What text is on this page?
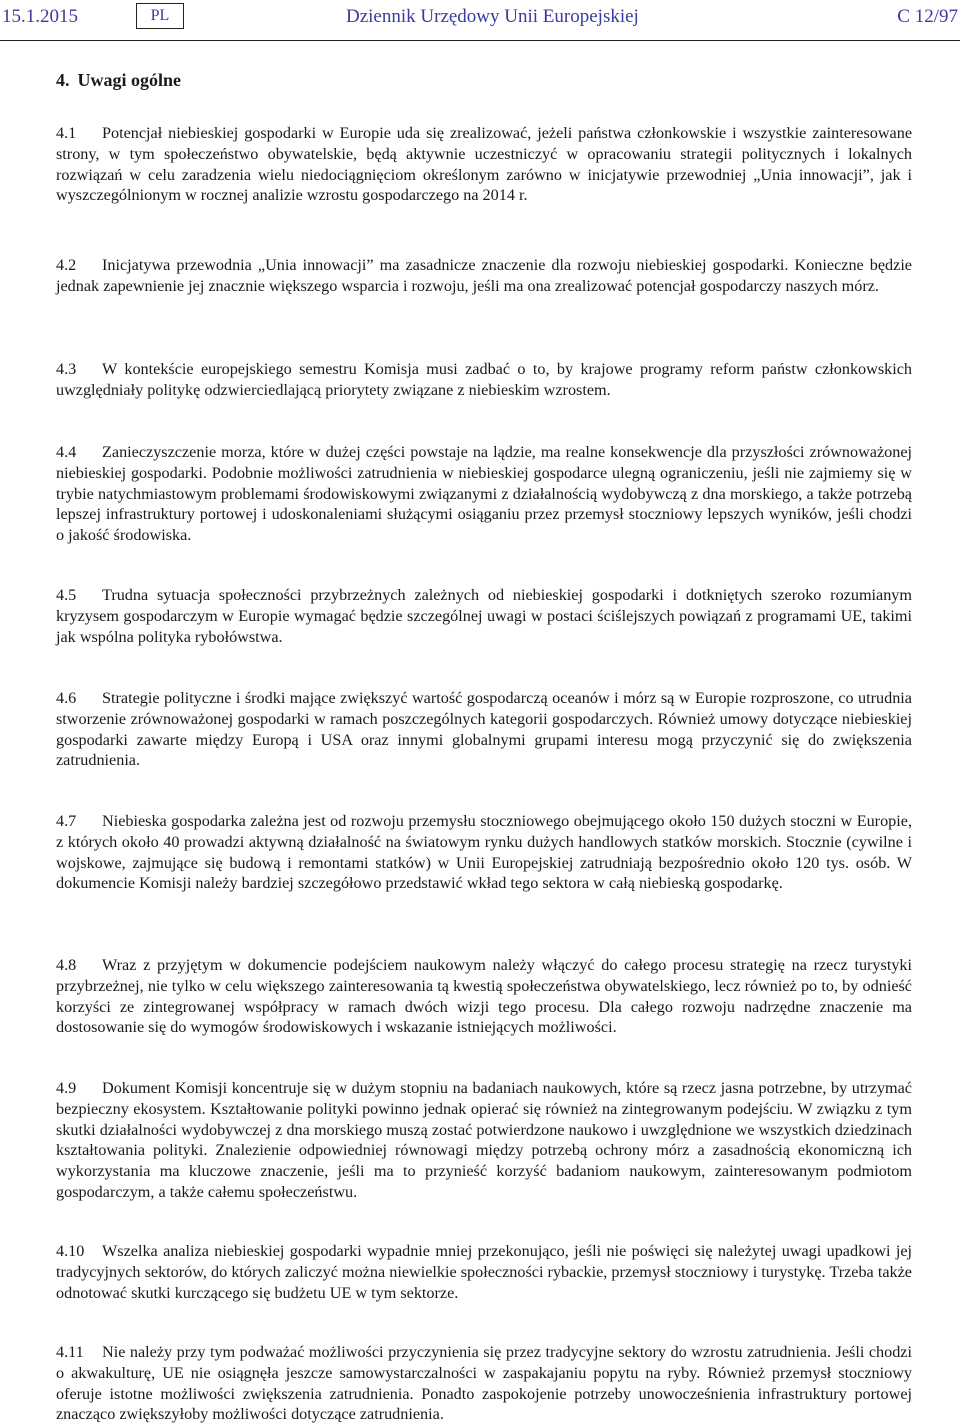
15.1.2015	PL	Dziennik Urzędowy Unii Europejskiej	C 12/97
4. Uwagi ogólne
4.1 Potencjał niebieskiej gospodarki w Europie uda się zrealizować, jeżeli państwa członkowskie i wszystkie zainteresowane strony, w tym społeczeństwo obywatelskie, będą aktywnie uczestniczyć w opracowaniu strategii politycznych i lokalnych rozwiązań w celu zaradzenia wielu niedociągnięciom określonym zarówno w inicjatywie przewodniej „Unia innowacji”, jak i wyszczególnionym w rocznej analizie wzrostu gospodarczego na 2014 r.
4.2 Inicjatywa przewodnia „Unia innowacji” ma zasadnicze znaczenie dla rozwoju niebieskiej gospodarki. Konieczne będzie jednak zapewnienie jej znacznie większego wsparcia i rozwoju, jeśli ma ona zrealizować potencjał gospodarczy naszych mórz.
4.3 W kontekście europejskiego semestru Komisja musi zadbać o to, by krajowe programy reform państw członkowskich uwzględniały politykę odzwierciedlającą priorytety związane z niebieskim wzrostem.
4.4 Zanieczyszczenie morza, które w dużej części powstaje na lądzie, ma realne konsekwencje dla przyszłości zrównoważonej niebieskiej gospodarki. Podobnie możliwości zatrudnienia w niebieskiej gospodarce ulegną ograniczeniu, jeśli nie zajmiemy się w trybie natychmiastowym problemami środowiskowymi związanymi z działalnością wydobywczą z dna morskiego, a także potrzebą lepszej infrastruktury portowej i udoskonaleniami służącymi osiąganiu przez przemysł stoczniowy lepszych wyników, jeśli chodzi o jakość środowiska.
4.5 Trudna sytuacja społeczności przybrzeżnych zależnych od niebieskiej gospodarki i dotkniętych szeroko rozumianym kryzysem gospodarczym w Europie wymagać będzie szczególnej uwagi w postaci ściślejszych powiązań z programami UE, takimi jak wspólna polityka rybołówstwa.
4.6 Strategie polityczne i środki mające zwiększyć wartość gospodarczą oceanów i mórz są w Europie rozproszone, co utrudnia stworzenie zrównoważonej gospodarki w ramach poszczególnych kategorii gospodarczych. Również umowy dotyczące niebieskiej gospodarki zawarte między Europą i USA oraz innymi globalnymi grupami interesu mogą przyczynić się do zwiększenia zatrudnienia.
4.7 Niebieska gospodarka zależna jest od rozwoju przemysłu stoczniowego obejmującego około 150 dużych stoczni w Europie, z których około 40 prowadzi aktywną działalność na światowym rynku dużych handlowych statków morskich. Stocznie (cywilne i wojskowe, zajmujące się budową i remontami statków) w Unii Europejskiej zatrudniają bezpośrednio około 120 tys. osób. W dokumencie Komisji należy bardziej szczegółowo przedstawić wkład tego sektora w całą niebieską gospodarkę.
4.8 Wraz z przyjętym w dokumencie podejściem naukowym należy włączyć do całego procesu strategię na rzecz turystyki przybrzeżnej, nie tylko w celu większego zainteresowania tą kwestią społeczeństwa obywatelskiego, lecz również po to, by odnieść korzyści ze zintegrowanej współpracy w ramach dwóch wizji tego procesu. Dla całego rozwoju nadrzędne znaczenie ma dostosowanie się do wymogów środowiskowych i wskazanie istniejących możliwości.
4.9 Dokument Komisji koncentruje się w dużym stopniu na badaniach naukowych, które są rzecz jasna potrzebne, by utrzymać bezpieczny ekosystem. Kształtowanie polityki powinno jednak opierać się również na zintegrowanym podejściu. W związku z tym skutki działalności wydobywczej z dna morskiego muszą zostać potwierdzone naukowo i uwzględnione we wszystkich dziedzinach kształtowania polityki. Znalezienie odpowiedniej równowagi między potrzebą ochrony mórz a zasadnością ekonomiczną ich wykorzystania ma kluczowe znaczenie, jeśli ma to przynieść korzyść badaniom naukowym, zainteresowanym podmiotom gospodarczym, a także całemu społeczeństwu.
4.10 Wszelka analiza niebieskiej gospodarki wypadnie mniej przekonująco, jeśli nie poświęci się należytej uwagi upadkowi jej tradycyjnych sektorów, do których zaliczyć można niewielkie społeczności rybackie, przemysł stoczniowy i turystykę. Trzeba także odnotować skutki kurczącego się budżetu UE w tym sektorze.
4.11 Nie należy przy tym podważać możliwości przyczynienia się przez tradycyjne sektory do wzrostu zatrudnienia. Jeśli chodzi o akwakulturę, UE nie osiągnęła jeszcze samowystarczalności w zaspakajaniu popytu na ryby. Również przemysł stoczniowy oferuje istotne możliwości zwiększenia zatrudnienia. Ponadto zaspokojenie potrzeby unowocześnienia infrastruktury portowej znacząco zwiększyłoby możliwości dotyczące zatrudnienia.
